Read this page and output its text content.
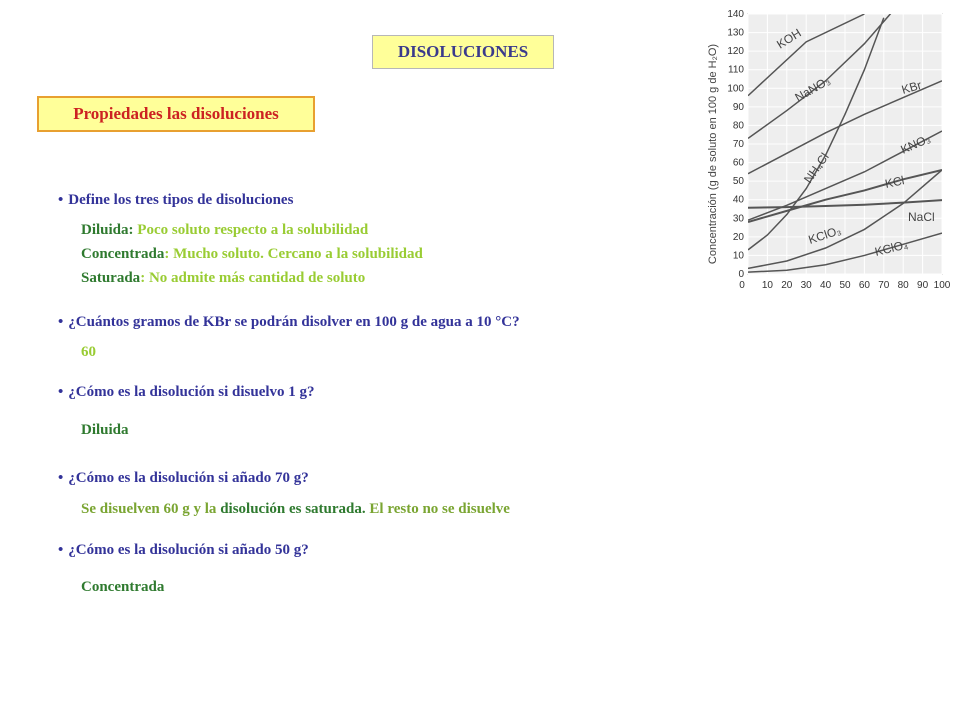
DISOLUCIONES
Propiedades las disoluciones
• Define los tres tipos de disoluciones
Diluida: Poco soluto respecto a la solubilidad
Concentrada: Mucho soluto. Cercano a la solubilidad
Saturada: No admite más cantidad de soluto
• ¿Cuántos gramos de KBr se podrán disolver en 100 g de agua a 10 °C?
60
• ¿Cómo es la disolución si disuelvo 1 g?
Diluida
• ¿Cómo es la disolución si añado 70 g?
Se disuelven 60 g y la disolución es saturada. El resto no se disuelve
• ¿Cómo es la disolución si añado 50 g?
Concentrada
0
10
20
30
40
50
60
70
80
90
100
110
120
130
140
0 10 20 30 40 50 60 70 80 90 100
KOH
NaNO₃	KBr
KNO₃
NH₄Cl	KCl
NaCl
KClO₃
KClO₄
Concentración (g de soluto en 100 g de H₂O)
